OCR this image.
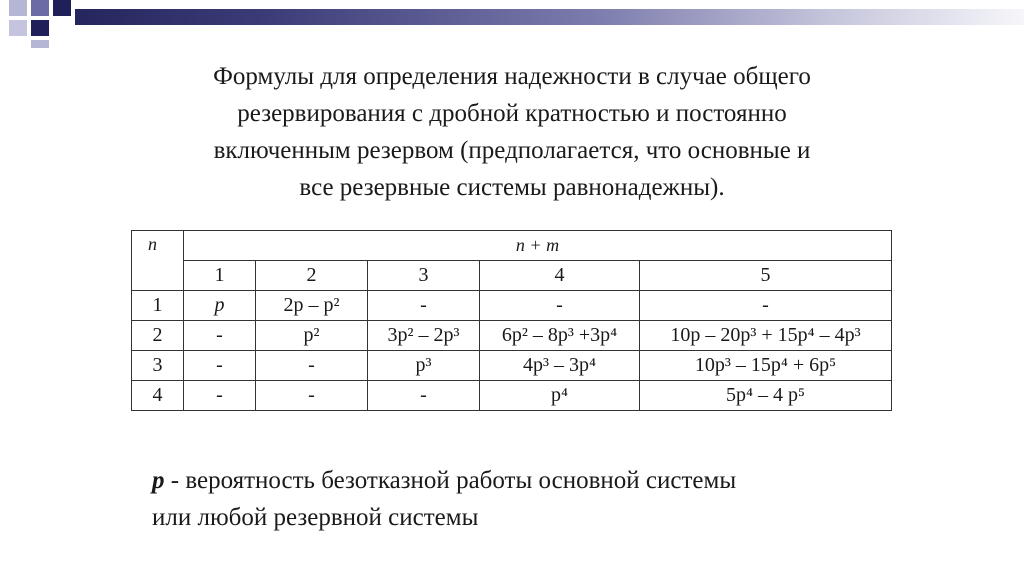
Формулы для определения надежности в случае общего
резервирования с дробной кратностью и постоянно
включенным резервом (предполагается, что основные и
все резервные системы равнонадежны).
n	n + m				
	1	2	3	4	5
1	p	2p – p²	-	-	-
2	-	p²	3p² – 2p³	6p² – 8p³ +3p⁴	10p – 20p³ + 15p⁴ – 4p³
3	-	-	p³	4p³ – 3p⁴	10p³ – 15p⁴ + 6p⁵
4	-	-	-	p⁴	5p⁴ – 4 p⁵
p - вероятность безотказной работы основной системы
или любой резервной системы
